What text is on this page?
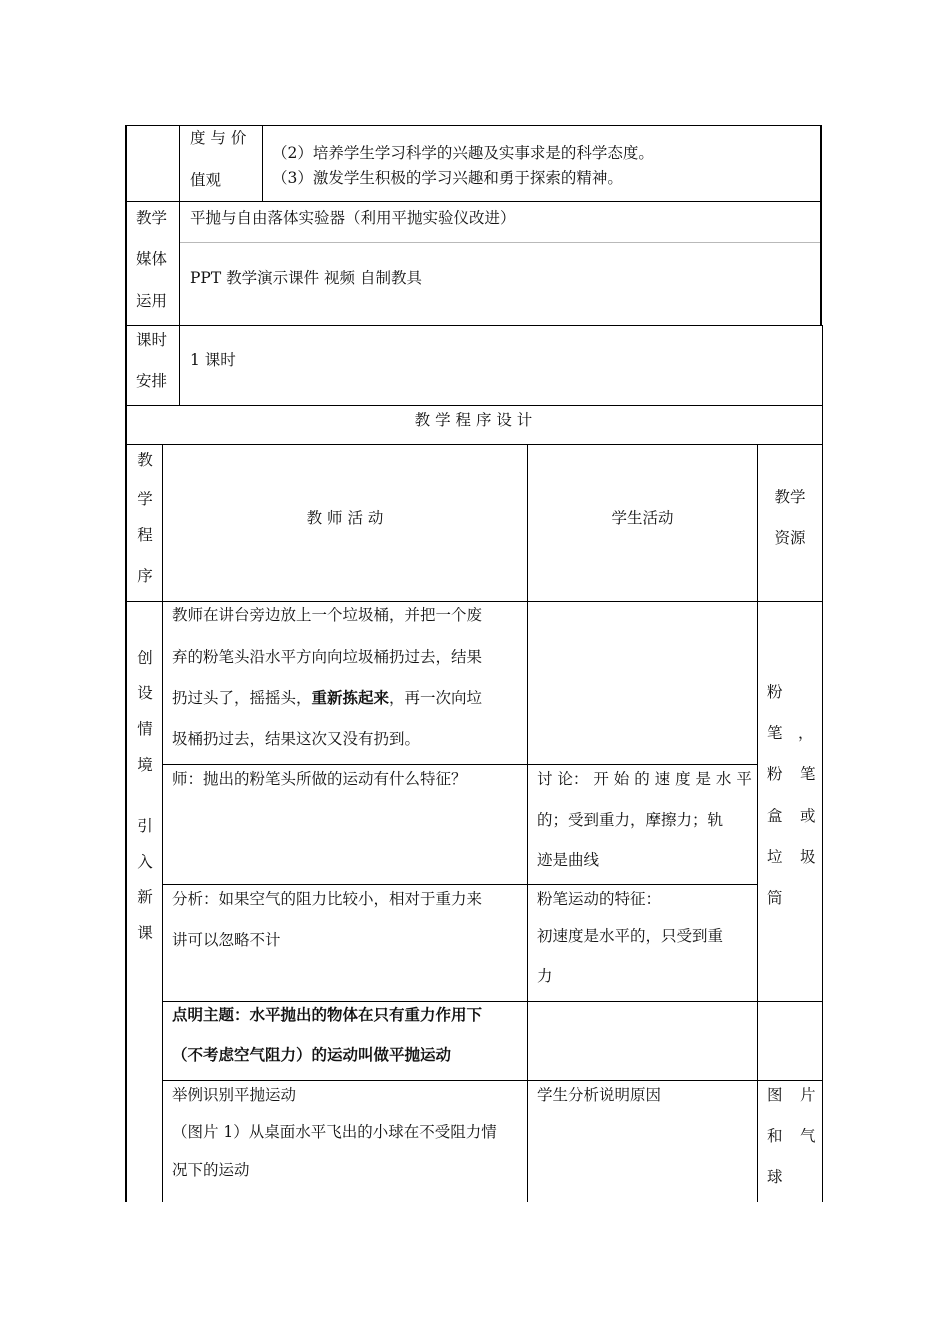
度 与 价
值观
（2）培养学生学习科学的兴趣及实事求是的科学态度。
（3）激发学生积极的学习兴趣和勇于探索的精神。
教学
媒体
运用
平抛与自由落体实验器（利用平抛实验仪改进）
PPT 教学演示课件 视频 自制教具
课时
安排
1 课时
教 学 程 序 设 计
教
学
程
序
教 师 活 动	学生活动
教学
资源
创
设
情
境
引
入
新
课
教师在讲台旁边放上一个垃圾桶，并把一个废
弃的粉笔头沿水平方向向垃圾桶扔过去，结果
扔过头了，摇摇头，重新拣起来，再一次向垃
圾桶扔过去，结果这次又没有扔到。
师：抛出的粉笔头所做的运动有什么特征？	讨 论： 开 始 的 速 度 是 水 平
的；受到重力，摩擦力；轨
迹是曲线
分析：如果空气的阻力比较小，相对于重力来
讲可以忽略不计
粉笔运动的特征：
初速度是水平的，只受到重
力
点明主题：水平抛出的物体在只有重力作用下
（不考虑空气阻力）的运动叫做平抛运动
举例识别平抛运动
（图片 1）从桌面水平飞出的小球在不受阻力情
况下的运动
学生分析说明原因
粉
笔 ，
粉 笔
盒 或
垃 圾
筒
图 片
和 气
球
